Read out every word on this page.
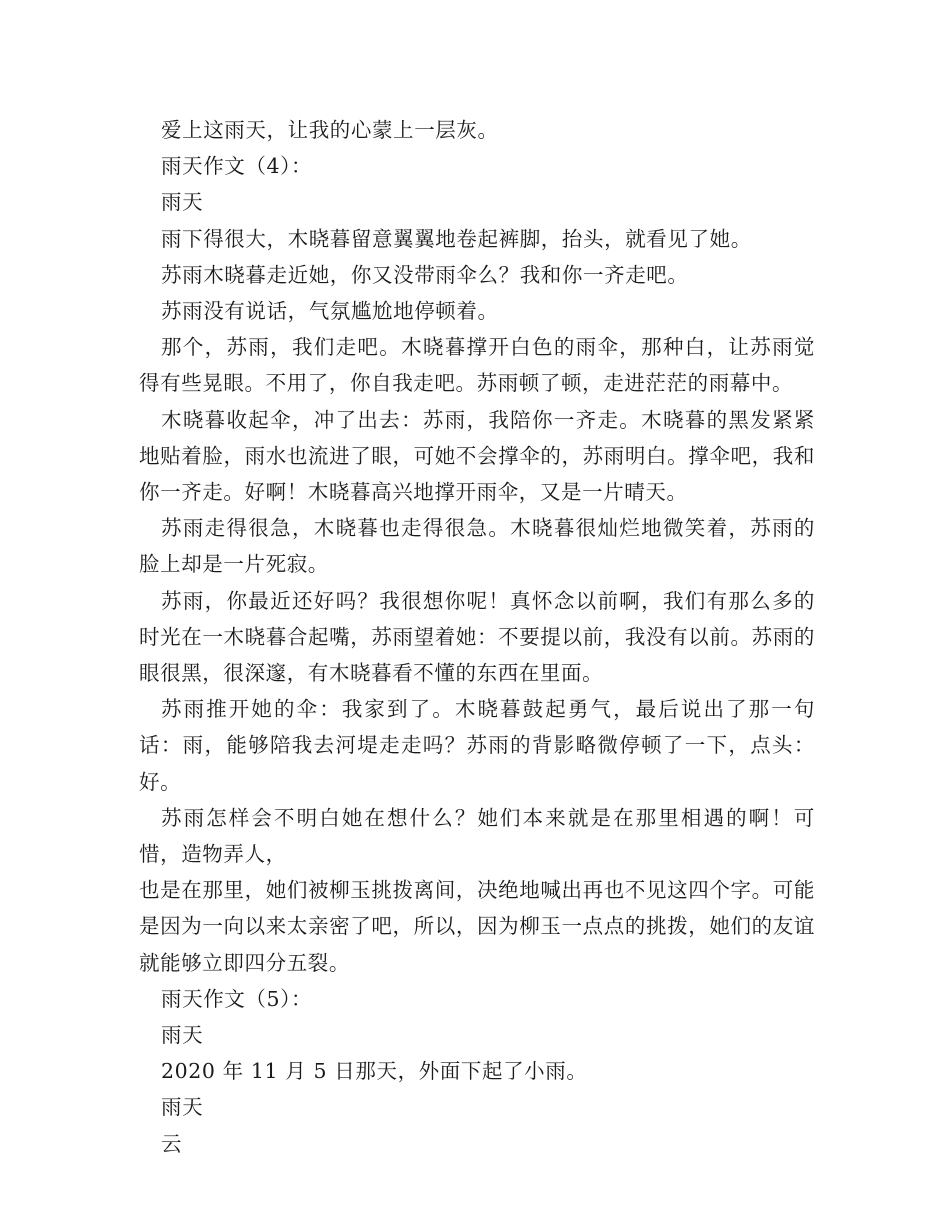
爱上这雨天，让我的心蒙上一层灰。

雨天作文（4）：

雨天

雨下得很大，木晓暮留意翼翼地卷起裤脚，抬头，就看见了她。

苏雨木晓暮走近她，你又没带雨伞么？我和你一齐走吧。

苏雨没有说话，气氛尴尬地停顿着。

那个，苏雨，我们走吧。木晓暮撑开白色的雨伞，那种白，让苏雨觉得有些晃眼。不用了，你自我走吧。苏雨顿了顿，走进茫茫的雨幕中。

木晓暮收起伞，冲了出去：苏雨，我陪你一齐走。木晓暮的黑发紧紧地贴着脸，雨水也流进了眼，可她不会撑伞的，苏雨明白。撑伞吧，我和你一齐走。好啊！木晓暮高兴地撑开雨伞，又是一片晴天。

苏雨走得很急，木晓暮也走得很急。木晓暮很灿烂地微笑着，苏雨的脸上却是一片死寂。

苏雨，你最近还好吗？我很想你呢！真怀念以前啊，我们有那么多的时光在一木晓暮合起嘴，苏雨望着她：不要提以前，我没有以前。苏雨的眼很黑，很深邃，有木晓暮看不懂的东西在里面。

苏雨推开她的伞：我家到了。木晓暮鼓起勇气，最后说出了那一句话：雨，能够陪我去河堤走走吗？苏雨的背影略微停顿了一下，点头：好。

苏雨怎样会不明白她在想什么？她们本来就是在那里相遇的啊！可惜，造物弄人，

也是在那里，她们被柳玉挑拨离间，决绝地喊出再也不见这四个字。可能是因为一向以来太亲密了吧，所以，因为柳玉一点点的挑拨，她们的友谊就能够立即四分五裂。

雨天作文（5）：

雨天

2020 年 11 月 5 日那天，外面下起了小雨。

雨天

云
